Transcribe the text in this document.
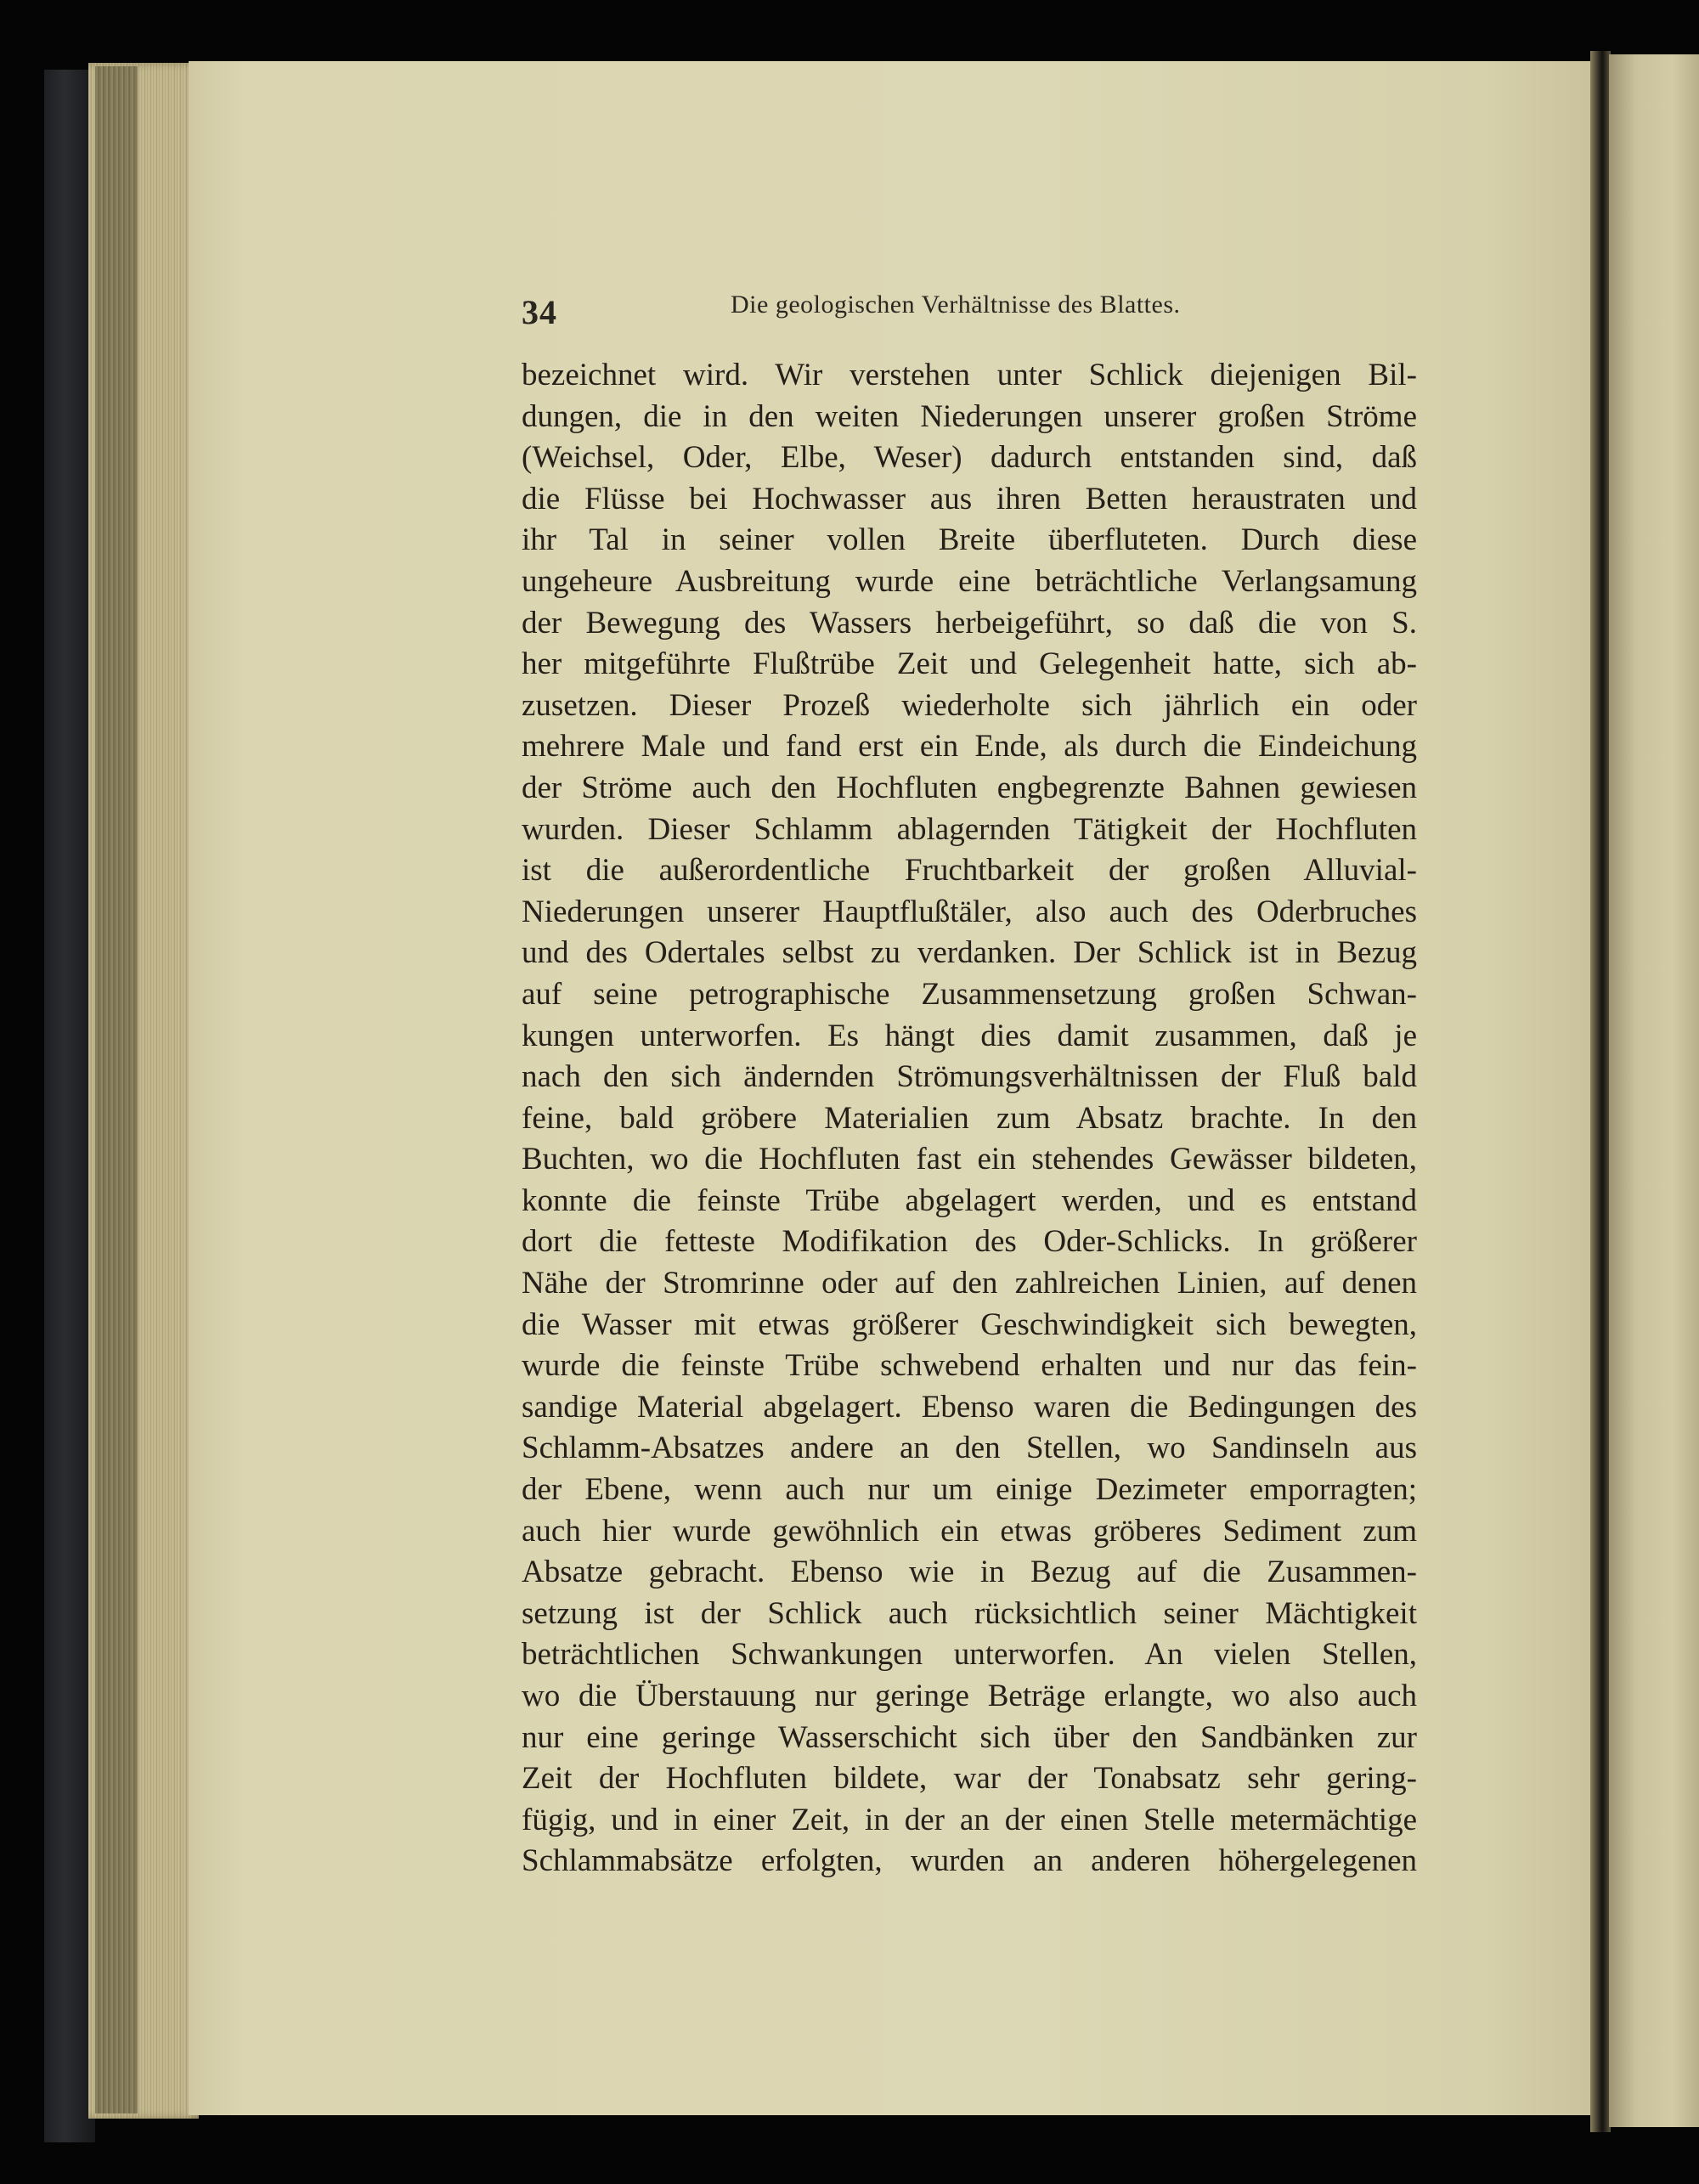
34	Die geologischen Verhältnisse des Blattes.
bezeichnet wird. Wir verstehen unter Schlick diejenigen Bil-
dungen, die in den weiten Niederungen unserer großen Ströme
(Weichsel, Oder, Elbe, Weser) dadurch entstanden sind, daß
die Flüsse bei Hochwasser aus ihren Betten heraustraten und
ihr Tal in seiner vollen Breite überfluteten. Durch diese
ungeheure Ausbreitung wurde eine beträchtliche Verlangsamung
der Bewegung des Wassers herbeigeführt, so daß die von S.
her mitgeführte Flußtrübe Zeit und Gelegenheit hatte, sich ab-
zusetzen. Dieser Prozeß wiederholte sich jährlich ein oder
mehrere Male und fand erst ein Ende, als durch die Eindeichung
der Ströme auch den Hochfluten engbegrenzte Bahnen gewiesen
wurden. Dieser Schlamm ablagernden Tätigkeit der Hochfluten
ist die außerordentliche Fruchtbarkeit der großen Alluvial-
Niederungen unserer Hauptflußtäler, also auch des Oderbruches
und des Odertales selbst zu verdanken. Der Schlick ist in Bezug
auf seine petrographische Zusammensetzung großen Schwan-
kungen unterworfen. Es hängt dies damit zusammen, daß je
nach den sich ändernden Strömungsverhältnissen der Fluß bald
feine, bald gröbere Materialien zum Absatz brachte. In den
Buchten, wo die Hochfluten fast ein stehendes Gewässer bildeten,
konnte die feinste Trübe abgelagert werden, und es entstand
dort die fetteste Modifikation des Oder-Schlicks. In größerer
Nähe der Stromrinne oder auf den zahlreichen Linien, auf denen
die Wasser mit etwas größerer Geschwindigkeit sich bewegten,
wurde die feinste Trübe schwebend erhalten und nur das fein-
sandige Material abgelagert. Ebenso waren die Bedingungen des
Schlamm-Absatzes andere an den Stellen, wo Sandinseln aus
der Ebene, wenn auch nur um einige Dezimeter emporragten;
auch hier wurde gewöhnlich ein etwas gröberes Sediment zum
Absatze gebracht. Ebenso wie in Bezug auf die Zusammen-
setzung ist der Schlick auch rücksichtlich seiner Mächtigkeit
beträchtlichen Schwankungen unterworfen. An vielen Stellen,
wo die Überstauung nur geringe Beträge erlangte, wo also auch
nur eine geringe Wasserschicht sich über den Sandbänken zur
Zeit der Hochfluten bildete, war der Tonabsatz sehr gering-
fügig, und in einer Zeit, in der an der einen Stelle metermächtige
Schlammabsätze erfolgten, wurden an anderen höhergelegenen
